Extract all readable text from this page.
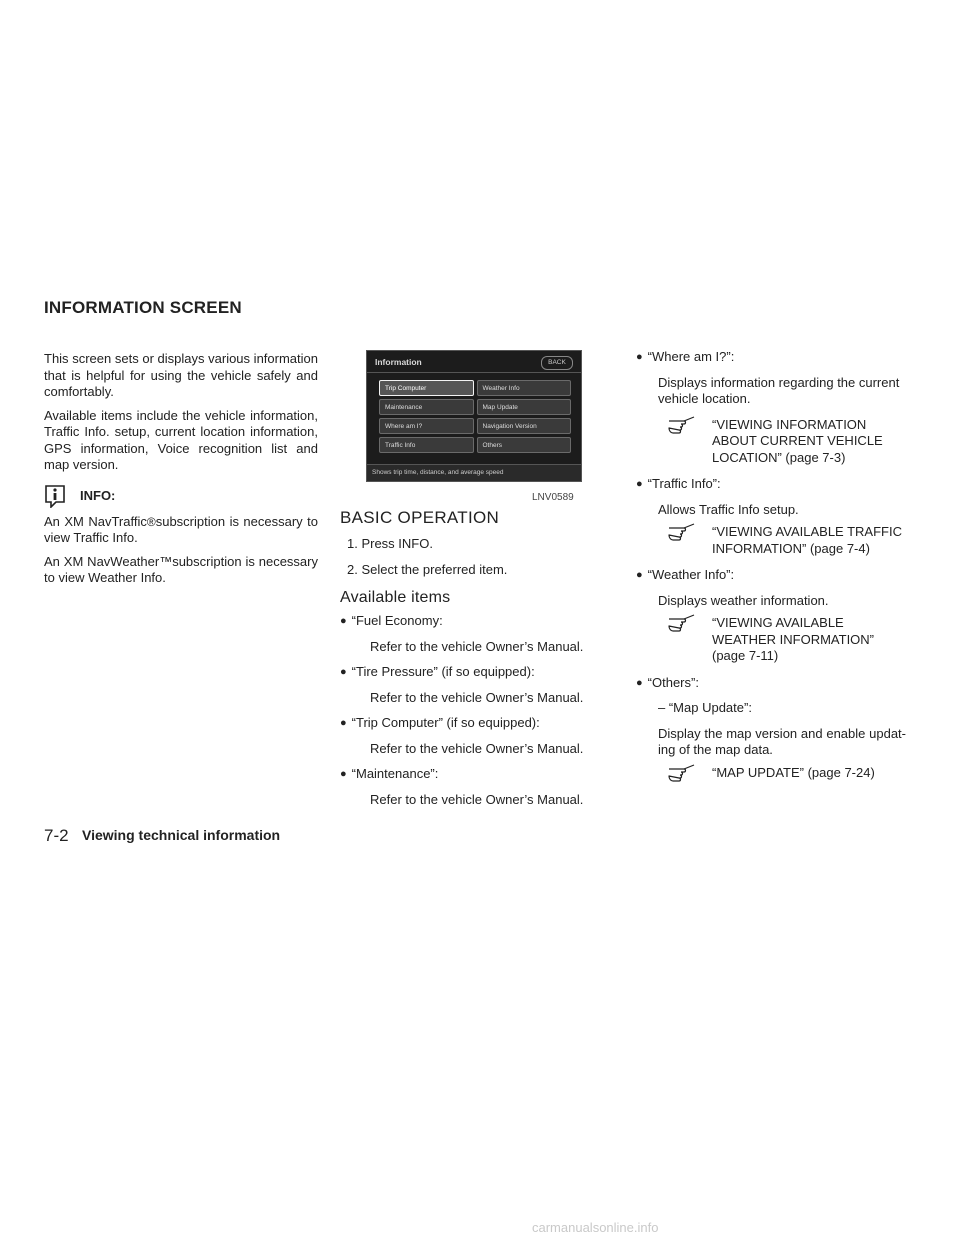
INFORMATION SCREEN

This screen sets or displays various information that is helpful for using the vehicle safely and comfortably.

Available items include the vehicle information, Traffic Info. setup, current location information, GPS information, Voice recognition list and map version.

INFO:

An XM NavTraffic®subscription is necessary to view Traffic Info.

An XM NavWeather™subscription is necessary to view Weather Info.

Information	BACK
Trip Computer	Weather Info
Maintenance	Map Update
Where am I?	Navigation Version
Traffic Info	Others
Shows trip time, distance, and average speed
LNV0589
BASIC OPERATION
1. Press INFO.
2. Select the preferred item.
Available items
● “Fuel Economy:
Refer to the vehicle Owner’s Manual.
● “Tire Pressure” (if so equipped):
Refer to the vehicle Owner’s Manual.
● “Trip Computer” (if so equipped):
Refer to the vehicle Owner’s Manual.
● “Maintenance”:
Refer to the vehicle Owner’s Manual.
● “Where am I?”:
Displays information regarding the current vehicle location.
“VIEWING INFORMATION
ABOUT CURRENT VEHICLE
LOCATION” (page 7-3)
● “Traffic Info”:
Allows Traffic Info setup.
“VIEWING AVAILABLE TRAFFIC
INFORMATION” (page 7-4)
● “Weather Info”:
Displays weather information.
“VIEWING AVAILABLE
WEATHER INFORMATION”
(page 7-11)
● “Others”:
– “Map Update”:
Display the map version and enable updat- ing of the map data.
“MAP UPDATE” (page 7-24)
7-2 Viewing technical information
carmanualsonline.info
